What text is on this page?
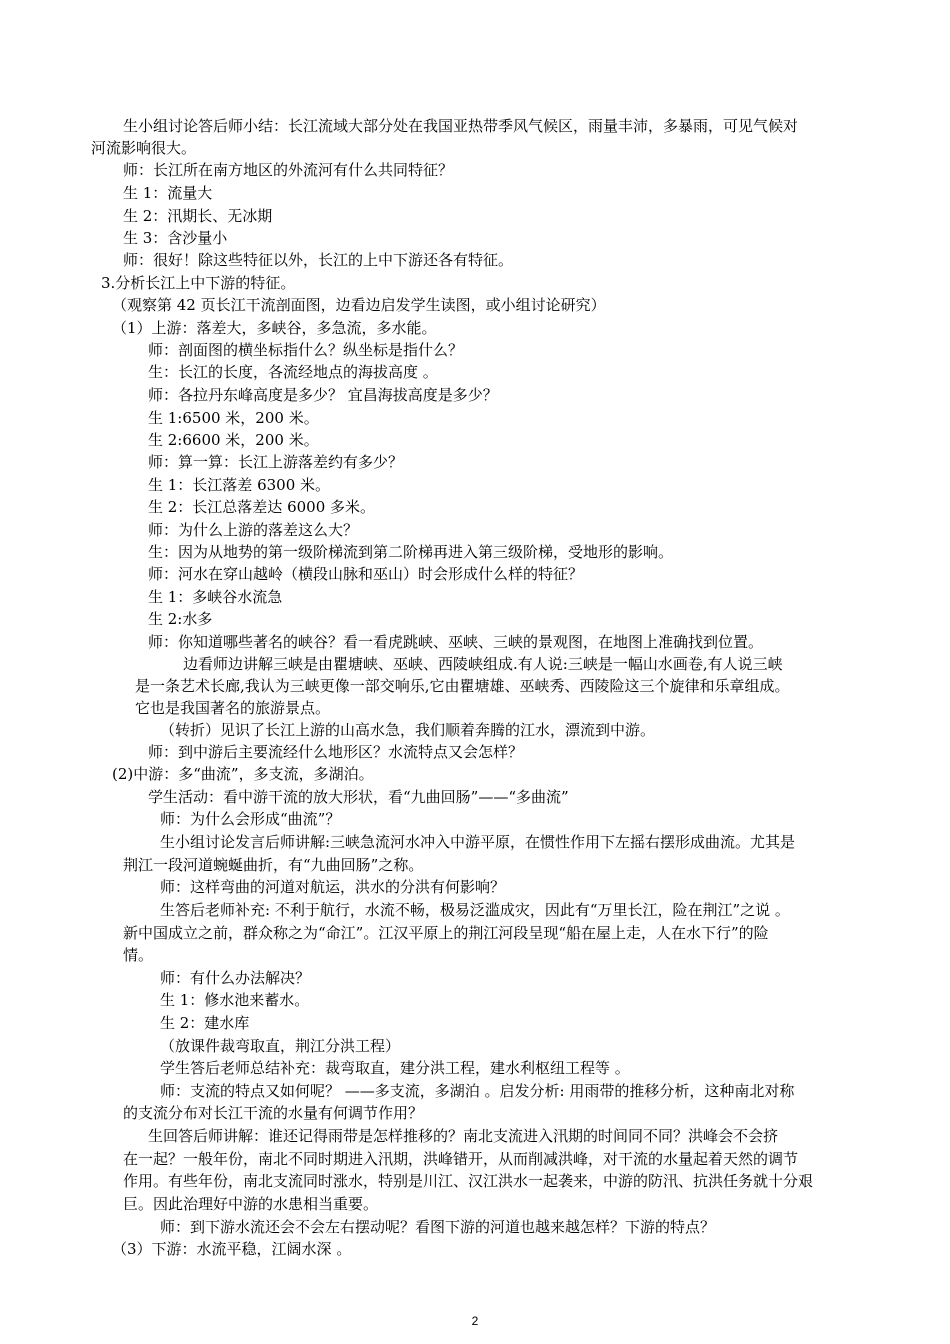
生小组讨论答后师小结：长江流域大部分处在我国亚热带季风气候区，雨量丰沛，多暴雨，可见气候对
河流影响很大。
师：长江所在南方地区的外流河有什么共同特征？
生 1：流量大
生 2：汛期长、无冰期
生 3：含沙量小
师：很好！除这些特征以外，长江的上中下游还各有特征。
3.分析长江上中下游的特征。
（观察第 42 页长江干流剖面图，边看边启发学生读图，或小组讨论研究）
（1）上游：落差大，多峡谷，多急流，多水能。
师：剖面图的横坐标指什么？纵坐标是指什么？
生：长江的长度，各流经地点的海拔高度 。
师：各拉丹东峰高度是多少？ 宜昌海拔高度是多少？
生 1:6500 米，200 米。
生 2:6600 米，200 米。
师：算一算：长江上游落差约有多少？
生 1：长江落差 6300 米。
生 2：长江总落差达 6000 多米。
师：为什么上游的落差这么大？
生：因为从地势的第一级阶梯流到第二阶梯再进入第三级阶梯，受地形的影响。
师：河水在穿山越岭（横段山脉和巫山）时会形成什么样的特征？
生 1：多峡谷水流急
生 2:水多
师：你知道哪些著名的峡谷？看一看虎跳峡、巫峡、三峡的景观图，在地图上准确找到位置。
边看师边讲解三峡是由瞿塘峡、巫峡、西陵峡组成.有人说:三峡是一幅山水画卷,有人说三峡
是一条艺术长廊,我认为三峡更像一部交响乐,它由瞿塘雄、巫峡秀、西陵险这三个旋律和乐章组成。
它也是我国著名的旅游景点。
（转折）见识了长江上游的山高水急，我们顺着奔腾的江水，漂流到中游。
师：到中游后主要流经什么地形区？水流特点又会怎样？
(2)中游：多“曲流”，多支流，多湖泊。
学生活动：看中游干流的放大形状，看“九曲回肠”——“多曲流”
师：为什么会形成“曲流”？
生小组讨论发言后师讲解:三峡急流河水冲入中游平原，在惯性作用下左摇右摆形成曲流。尤其是
荆江一段河道蜿蜒曲折，有“九曲回肠”之称。
师：这样弯曲的河道对航运，洪水的分洪有何影响？
生答后老师补充: 不利于航行，水流不畅，极易泛滥成灾，因此有“万里长江，险在荆江”之说 。
新中国成立之前，群众称之为“命江”。江汉平原上的荆江河段呈现“船在屋上走，人在水下行”的险
情。
师：有什么办法解决？
生 1：修水池来蓄水。
生 2：建水库
（放课件裁弯取直，荆江分洪工程）
学生答后老师总结补充：裁弯取直，建分洪工程，建水利枢纽工程等 。
师：支流的特点又如何呢？ ——多支流，多湖泊 。启发分析: 用雨带的推移分析，这种南北对称
的支流分布对长江干流的水量有何调节作用？
生回答后师讲解：谁还记得雨带是怎样推移的？南北支流进入汛期的时间同不同？洪峰会不会挤
在一起？一般年份，南北不同时期进入汛期，洪峰错开，从而削减洪峰，对干流的水量起着天然的调节
作用。有些年份，南北支流同时涨水，特别是川江、汉江洪水一起袭来，中游的防汛、抗洪任务就十分艰
巨。因此治理好中游的水患相当重要。
师：到下游水流还会不会左右摆动呢？看图下游的河道也越来越怎样？下游的特点？
（3）下游：水流平稳，江阔水深 。
2
